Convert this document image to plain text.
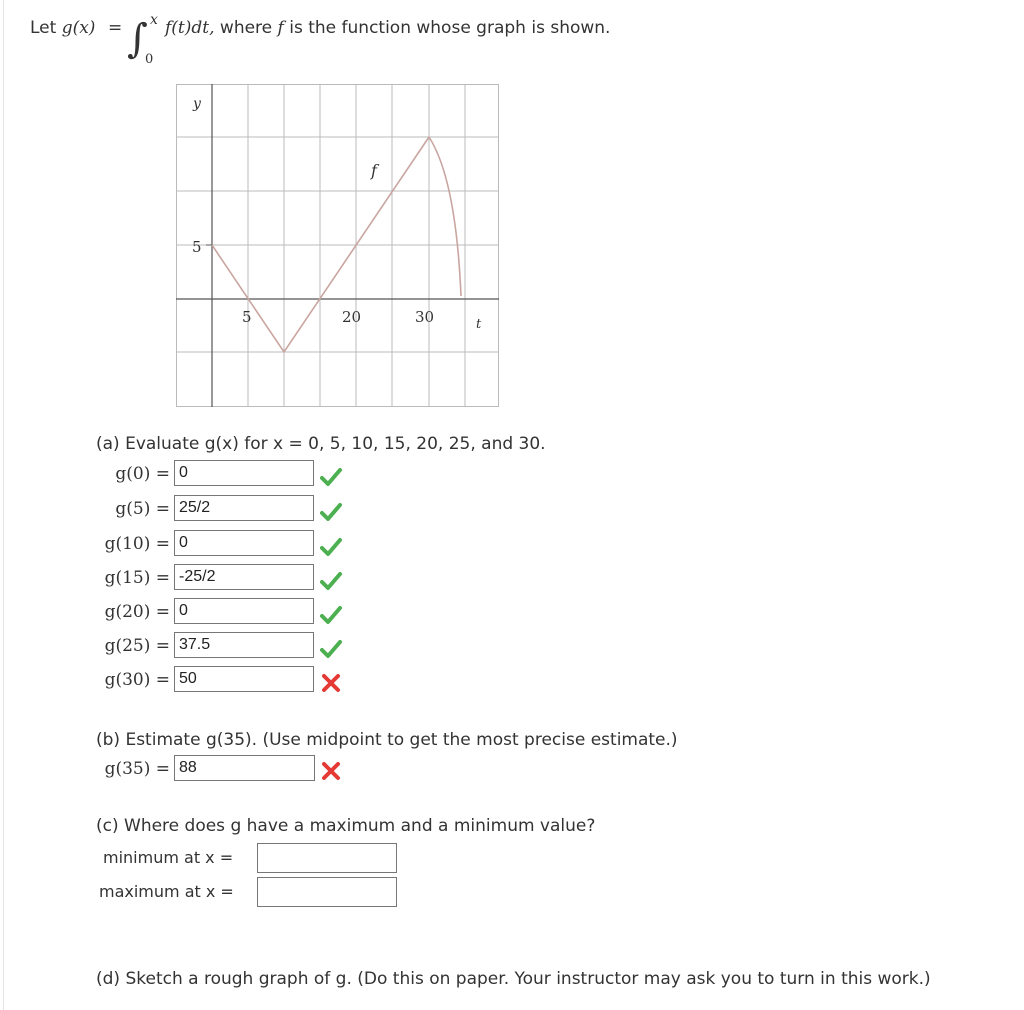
Let g(x) = ∫ x
0
f(t)dt, where f is the function whose graph is shown.
y
t
f
5
5	20	30
(a) Evaluate g(x) for x = 0, 5, 10, 15, 20, 25, and 30.
g(0) = 0
g(5) = 25/2
g(10) = 0
g(15) = -25/2
g(20) = 0
g(25) = 37.5
g(30) = 50
(b) Estimate g(35). (Use midpoint to get the most precise estimate.)
g(35) = 88
(c) Where does g have a maximum and a minimum value?
minimum at x =
maximum at x =
(d) Sketch a rough graph of g. (Do this on paper. Your instructor may ask you to turn in this work.)
